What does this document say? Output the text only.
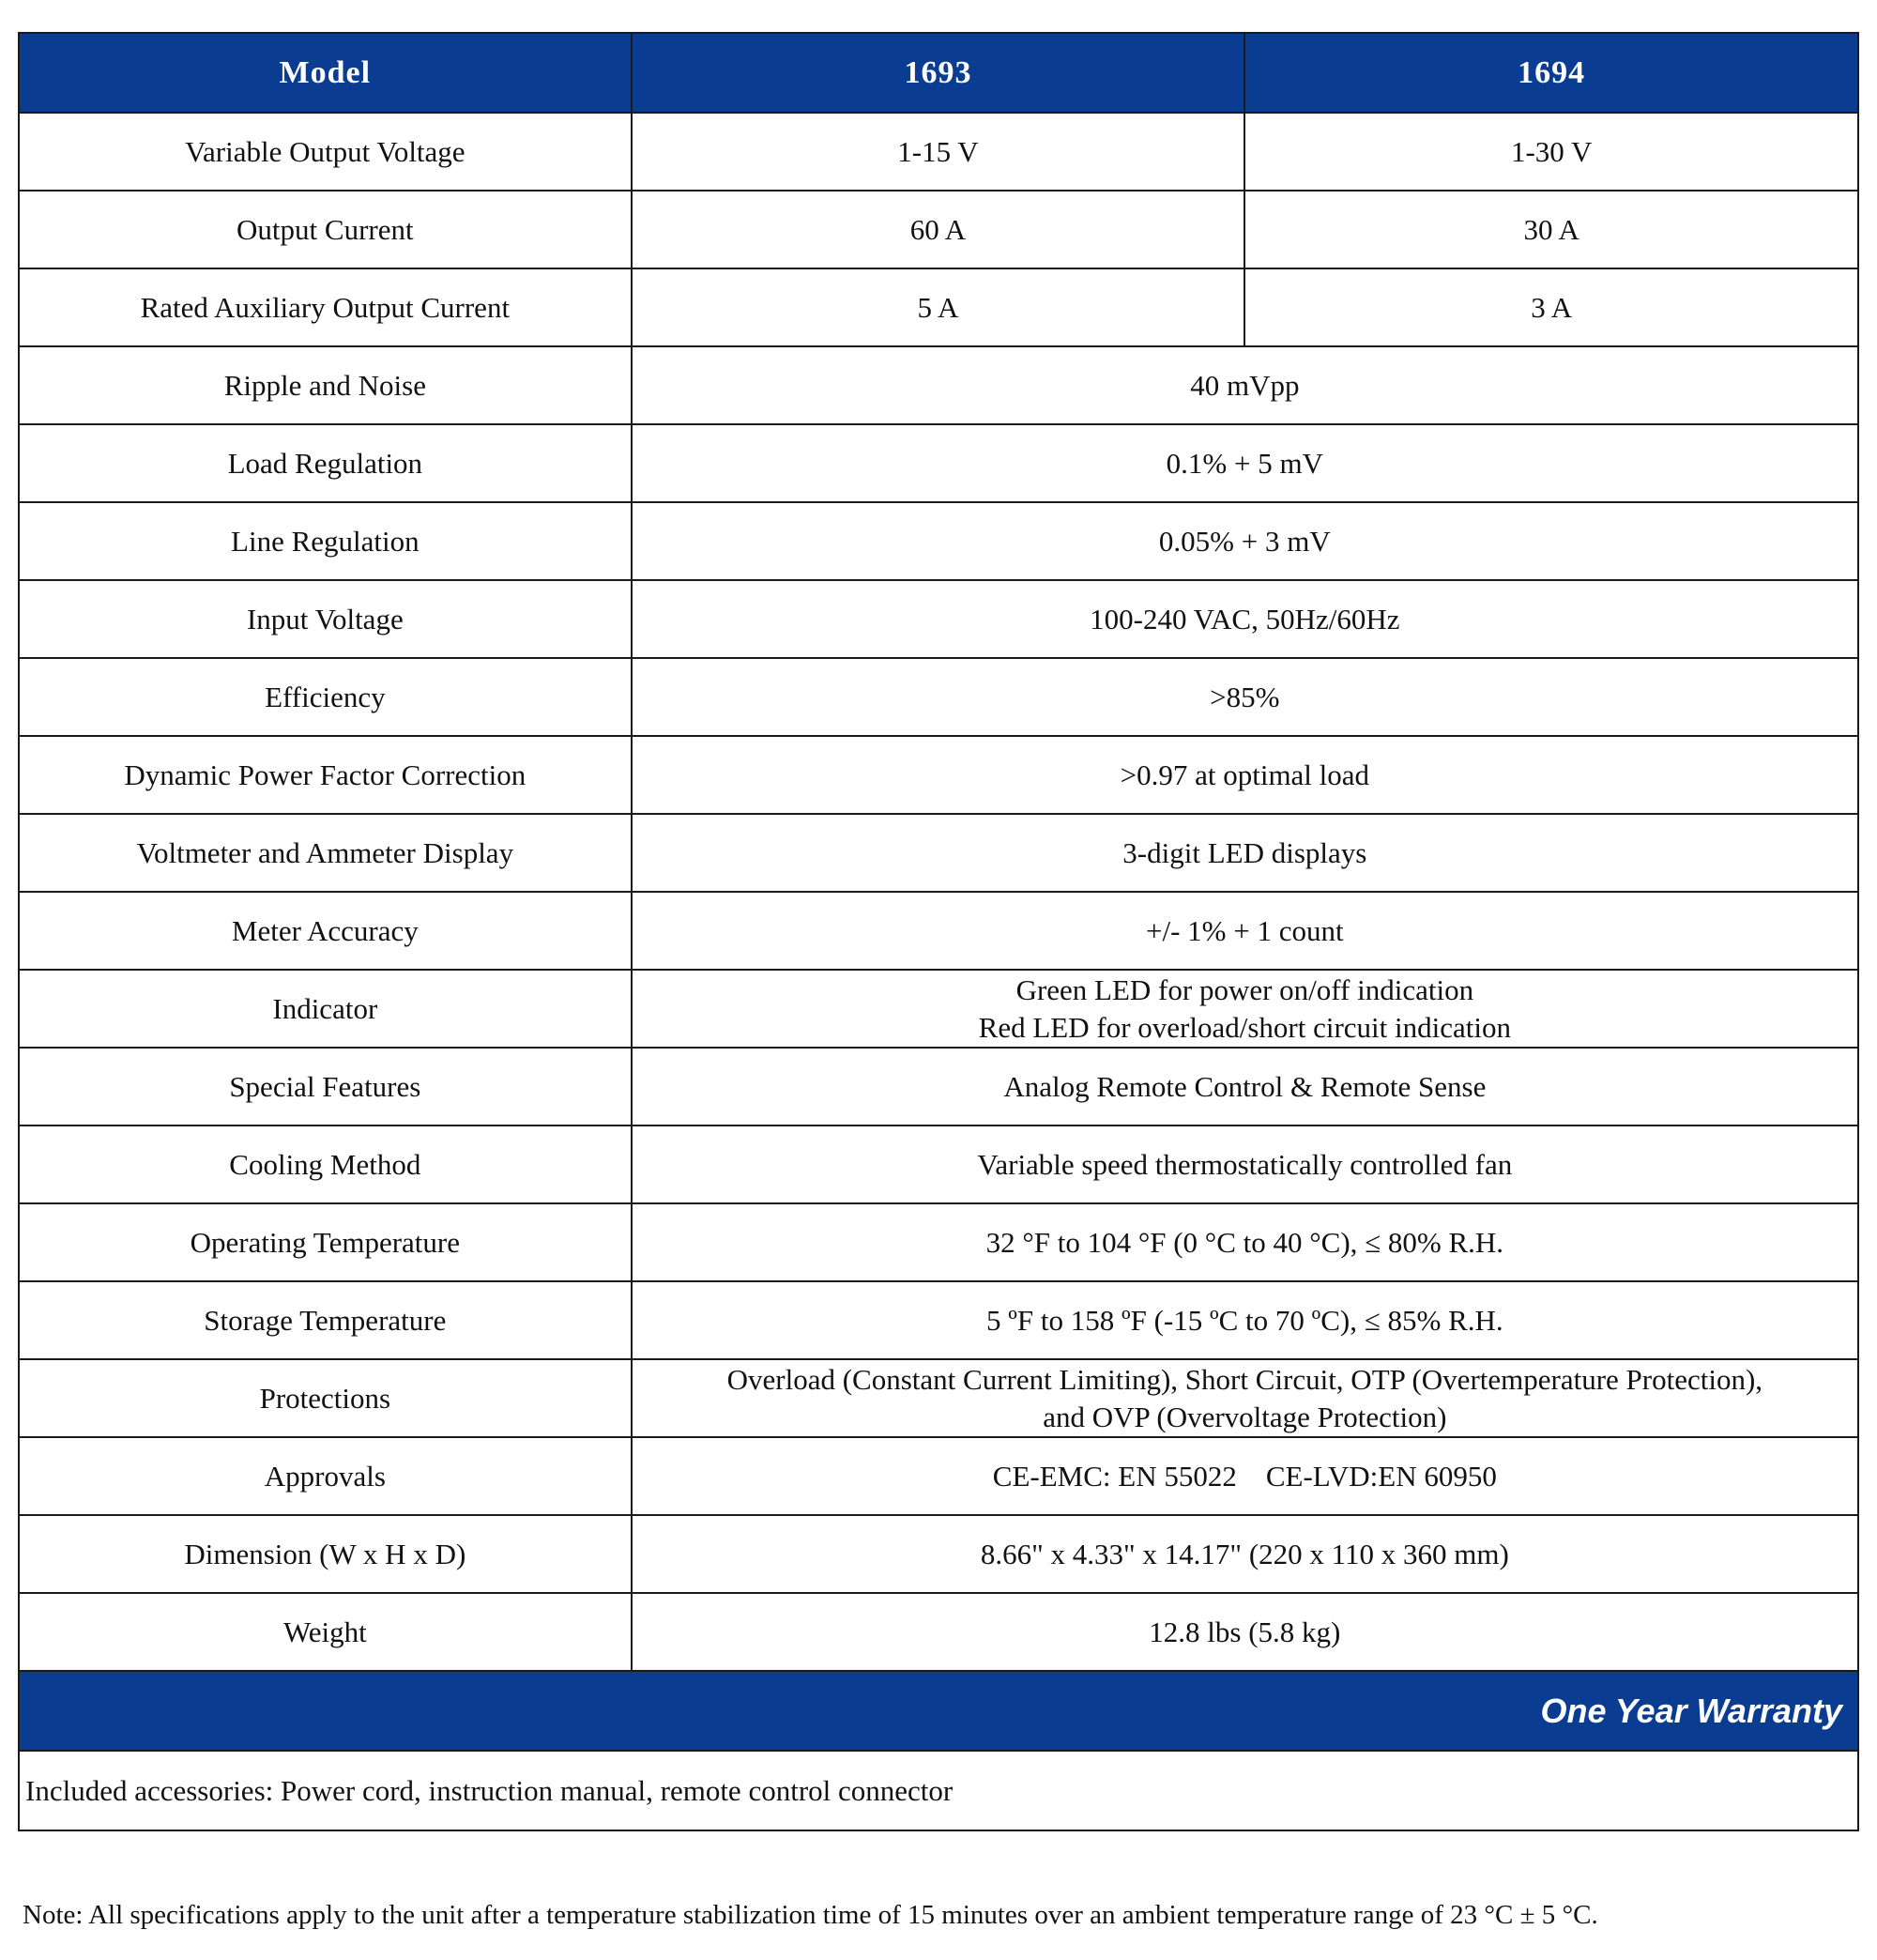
Model	1693	1694
Variable Output Voltage	1-15 V	1-30 V
Output Current	60 A	30 A
Rated Auxiliary Output Current	5 A	3 A
Ripple and Noise	40 mVpp	
Load Regulation	0.1% + 5 mV	
Line Regulation	0.05% + 3 mV	
Input Voltage	100-240 VAC, 50Hz/60Hz	
Efficiency	>85%	
Dynamic Power Factor Correction	>0.97 at optimal load	
Voltmeter and Ammeter Display	3-digit LED displays	
Meter Accuracy	+/- 1% + 1 count	
Indicator	Green LED for power on/off indication
Red LED for overload/short circuit indication	

Special Features	Analog Remote Control & Remote Sense	
Cooling Method	Variable speed thermostatically controlled fan	
Operating Temperature	32 °F to 104 °F (0 °C to 40 °C), ≤ 80% R.H.	
Storage Temperature	5 ºF to 158 ºF (-15 ºC to 70 ºC), ≤ 85% R.H.	
Protections	Overload (Constant Current Limiting), Short Circuit, OTP (Overtemperature Protection),
and OVP (Overvoltage Protection)	

Approvals	CE-EMC: EN 55022    CE-LVD:EN 60950	
Dimension (W x H x D)	8.66" x 4.33" x 14.17" (220 x 110 x 360 mm)	
Weight	12.8 lbs (5.8 kg)	
One Year Warranty		
Included accessories: Power cord, instruction manual, remote control connector		
Note: All specifications apply to the unit after a temperature stabilization time of 15 minutes over an ambient temperature range of 23 °C ± 5 °C.
